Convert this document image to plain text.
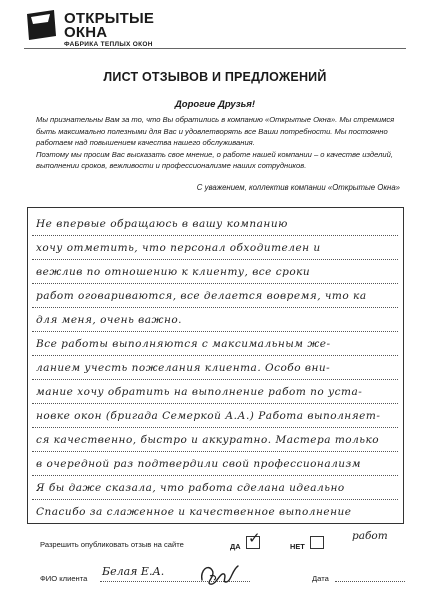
ОТКРЫТЫЕ
ОКНА
ФАБРИКА ТЕПЛЫХ ОКОН
ЛИСТ ОТЗЫВОВ И ПРЕДЛОЖЕНИЙ
Дорогие Друзья!

Мы признательны Вам за то, что Вы обратились в компанию «Открытые Окна». Мы стремимся быть максимально полезными для Вас и удовлетворять все Ваши потребности. Мы постоянно работаем над повышением качества нашего обслуживания.

Поэтому мы просим Вас высказать свое мнение, о работе нашей компании – о качестве изделий, выполнении сроков, вежливости и профессионализме наших сотрудников.

С уважением, коллектив компании «Открытые Окна»
Не впервые обращаюсь в вашу компанию
хочу отметить, что персонал обходителен и
вежлив по отношению к клиенту, все сроки
работ оговариваются, все делается вовремя, что ка
для меня, очень важно.
Все работы выполняются с максимальным же-
ланием учесть пожелания клиента. Особо вни-
мание хочу обратить на выполнение работ по уста-
новке окон (бригада Семеркой А.А.) Работа выполняет-
ся качественно, быстро и аккуратно. Мастера только
в очередной раз подтвердили свой профессионализм
Я бы даже сказала, что работа сделана идеально
Спасибо за слаженное и качественное выполнение
работ
Разрешить опубликовать отзыв на сайте	ДА ✓	НЕТ
ФИО клиента
Белая Е.А.
Дата
